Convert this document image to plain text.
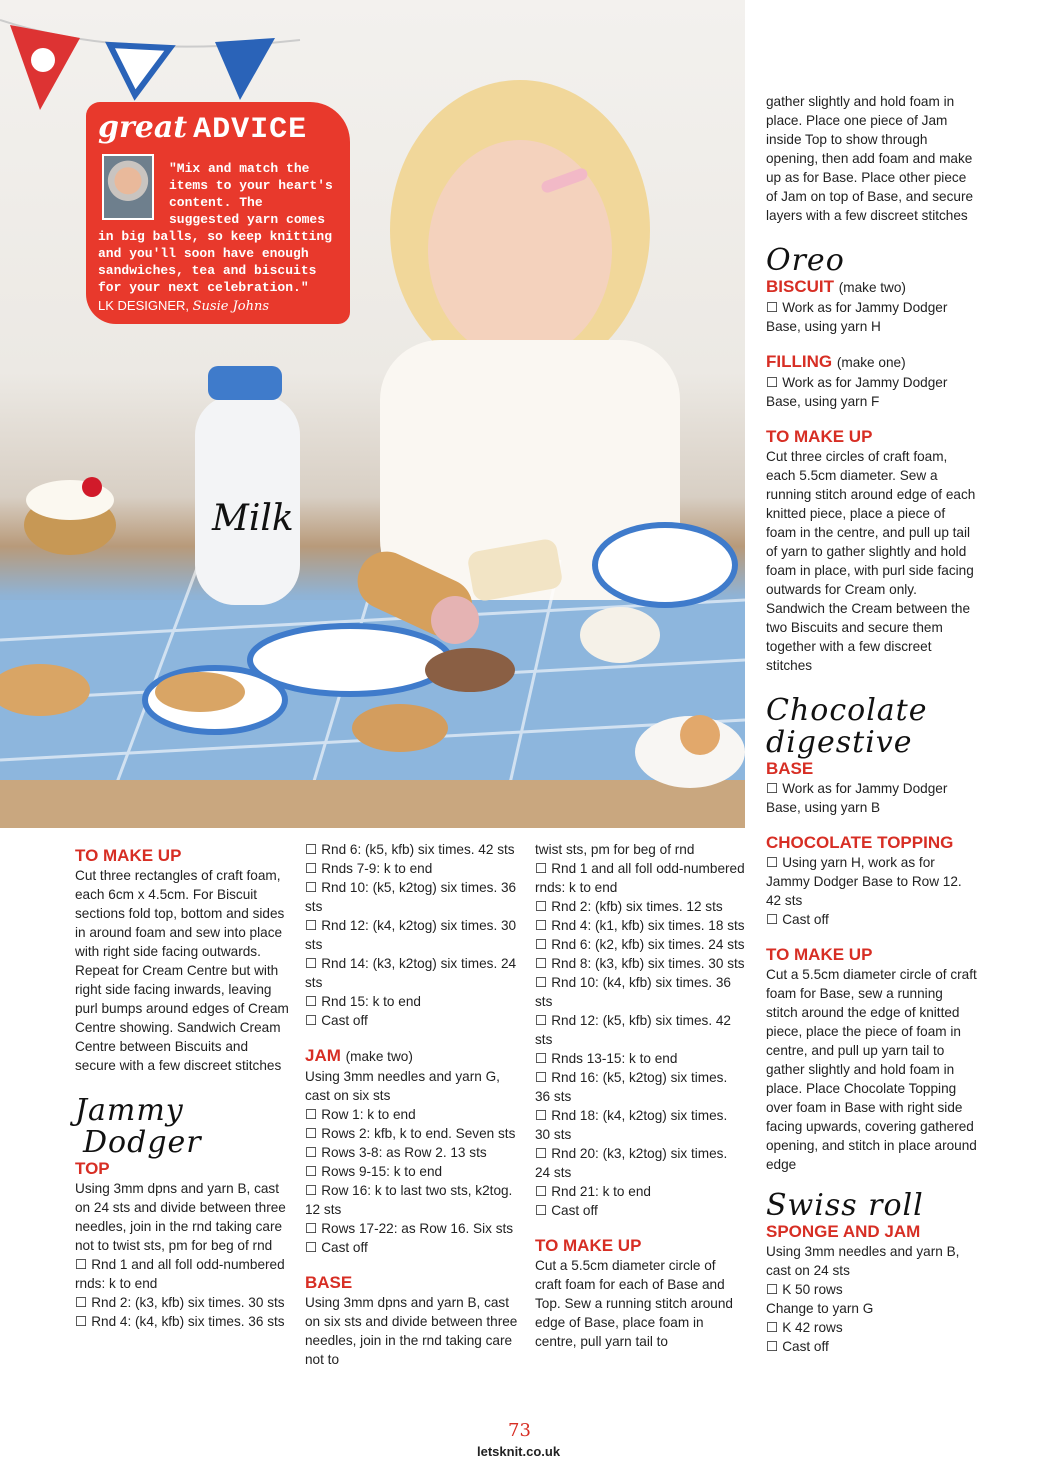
Milk
great ADVICE
"Mix and match the items to your heart's content. The suggested yarn comes
in big balls, so keep knitting and you'll soon have enough sandwiches, tea and biscuits for your next celebration."
LK DESIGNER, Susie Johns

TO MAKE UP

Cut three rectangles of craft foam, each 6cm x 4.5cm. For Biscuit sections fold top, bottom and sides in around foam and sew into place with right side facing outwards. Repeat for Cream Centre but with right side facing inwards, leaving purl bumps around edges of Cream Centre showing. Sandwich Cream Centre between Biscuits and secure with a few discreet stitches

Jammy

Dodger

TOP

Using 3mm dpns and yarn B, cast on 24 sts and divide between three needles, join in the rnd taking care not to twist sts, pm for beg of rnd

☐ Rnd 1 and all foll odd-numbered rnds: k to end

☐ Rnd 2: (k3, kfb) six times. 30 sts

☐ Rnd 4: (k4, kfb) six times. 36 sts

☐ Rnd 6: (k5, kfb) six times. 42 sts

☐ Rnds 7-9: k to end

☐ Rnd 10: (k5, k2tog) six times. 36 sts

☐ Rnd 12: (k4, k2tog) six times. 30 sts

☐ Rnd 14: (k3, k2tog) six times. 24 sts

☐ Rnd 15: k to end

☐ Cast off

JAM (make two)

Using 3mm needles and yarn G, cast on six sts

☐ Row 1: k to end

☐ Rows 2: kfb, k to end. Seven sts

☐ Rows 3-8: as Row 2. 13 sts

☐ Rows 9-15: k to end

☐ Row 16: k to last two sts, k2tog. 12 sts

☐ Rows 17-22: as Row 16. Six sts

☐ Cast off

BASE

Using 3mm dpns and yarn B, cast on six sts and divide between three needles, join in the rnd taking care not to

twist sts, pm for beg of rnd

☐ Rnd 1 and all foll odd-numbered rnds: k to end

☐ Rnd 2: (kfb) six times. 12 sts

☐ Rnd 4: (k1, kfb) six times. 18 sts

☐ Rnd 6: (k2, kfb) six times. 24 sts

☐ Rnd 8: (k3, kfb) six times. 30 sts

☐ Rnd 10: (k4, kfb) six times. 36 sts

☐ Rnd 12: (k5, kfb) six times. 42 sts

☐ Rnds 13-15: k to end

☐ Rnd 16: (k5, k2tog) six times. 36 sts

☐ Rnd 18: (k4, k2tog) six times. 30 sts

☐ Rnd 20: (k3, k2tog) six times. 24 sts

☐ Rnd 21: k to end

☐ Cast off

TO MAKE UP

Cut a 5.5cm diameter circle of craft foam for each of Base and Top. Sew a running stitch around edge of Base, place foam in centre, pull yarn tail to

gather slightly and hold foam in place. Place one piece of Jam inside Top to show through opening, then add foam and make up as for Base. Place other piece of Jam on top of Base, and secure layers with a few discreet stitches

Oreo

BISCUIT (make two)

☐ Work as for Jammy Dodger Base, using yarn H

FILLING (make one)

☐ Work as for Jammy Dodger Base, using yarn F

TO MAKE UP

Cut three circles of craft foam, each 5.5cm diameter. Sew a running stitch around edge of each knitted piece, place a piece of foam in the centre, and pull up tail of yarn to gather slightly and hold foam in place, with purl side facing outwards for Cream only. Sandwich the Cream between the two Biscuits and secure them together with a few discreet stitches

Chocolate

digestive

BASE

☐ Work as for Jammy Dodger Base, using yarn B

CHOCOLATE TOPPING

☐ Using yarn H, work as for Jammy Dodger Base to Row 12. 42 sts

☐ Cast off

TO MAKE UP

Cut a 5.5cm diameter circle of craft foam for Base, sew a running stitch around the edge of knitted piece, place the piece of foam in centre, and pull up yarn tail to gather slightly and hold foam in place. Place Chocolate Topping over foam in Base with right side facing upwards, covering gathered opening, and stitch in place around edge

Swiss roll

SPONGE AND JAM

Using 3mm needles and yarn B, cast on 24 sts

☐ K 50 rows

Change to yarn G

☐ K 42 rows

☐ Cast off

73
letsknit.co.uk
